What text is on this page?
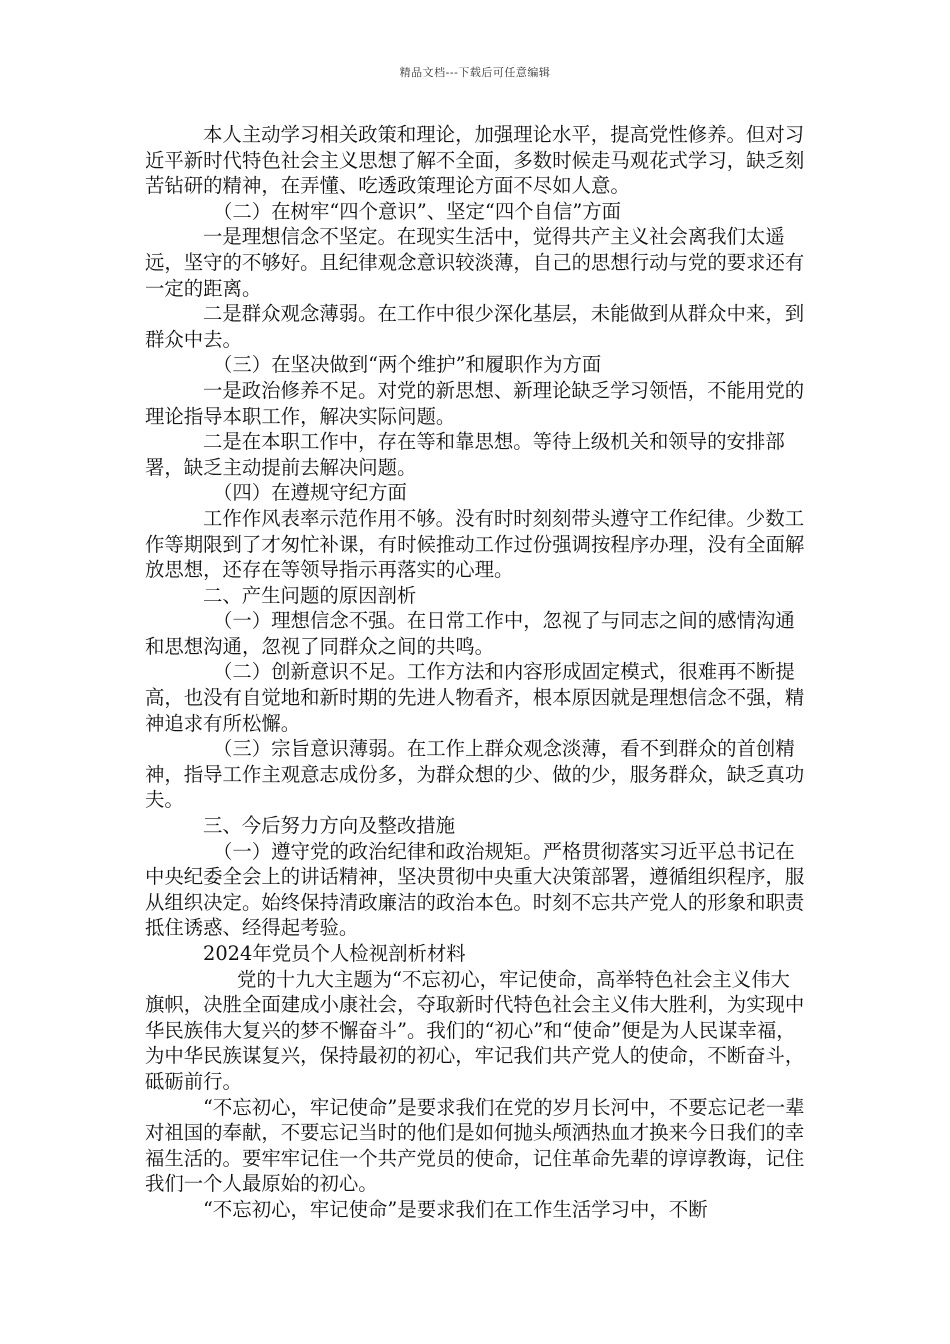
精品文档---下载后可任意编辑

本人主动学习相关政策和理论，加强理论水平，提高党性修养。但对习近平新时代特色社会主义思想了解不全面，多数时候走马观花式学习，缺乏刻苦钻研的精神，在弄懂、吃透政策理论方面不尽如人意。

（二）在树牢“四个意识”、坚定“四个自信”方面

一是理想信念不坚定。在现实生活中，觉得共产主义社会离我们太遥远，坚守的不够好。且纪律观念意识较淡薄，自己的思想行动与党的要求还有一定的距离。

二是群众观念薄弱。在工作中很少深化基层，未能做到从群众中来，到群众中去。

（三）在坚决做到“两个维护”和履职作为方面

一是政治修养不足。对党的新思想、新理论缺乏学习领悟，不能用党的理论指导本职工作，解决实际问题。

二是在本职工作中，存在等和靠思想。等待上级机关和领导的安排部署，缺乏主动提前去解决问题。

（四）在遵规守纪方面

工作作风表率示范作用不够。没有时时刻刻带头遵守工作纪律。少数工作等期限到了才匆忙补课，有时候推动工作过份强调按程序办理，没有全面解放思想，还存在等领导指示再落实的心理。

二、产生问题的原因剖析

（一）理想信念不强。在日常工作中，忽视了与同志之间的感情沟通和思想沟通，忽视了同群众之间的共鸣。

（二）创新意识不足。工作方法和内容形成固定模式，很难再不断提高，也没有自觉地和新时期的先进人物看齐，根本原因就是理想信念不强，精神追求有所松懈。

（三）宗旨意识薄弱。在工作上群众观念淡薄，看不到群众的首创精神，指导工作主观意志成份多，为群众想的少、做的少，服务群众，缺乏真功夫。

三、今后努力方向及整改措施

（一）遵守党的政治纪律和政治规矩。严格贯彻落实习近平总书记在中央纪委全会上的讲话精神，坚决贯彻中央重大决策部署，遵循组织程序，服从组织决定。始终保持清政廉洁的政治本色。时刻不忘共产党人的形象和职责抵住诱惑、经得起考验。

2024年党员个人检视剖析材料

党的十九大主题为“不忘初心，牢记使命，高举特色社会主义伟大旗帜，决胜全面建成小康社会，夺取新时代特色社会主义伟大胜利，为实现中华民族伟大复兴的梦不懈奋斗”。我们的“初心”和“使命”便是为人民谋幸福，为中华民族谋复兴，保持最初的初心，牢记我们共产党人的使命，不断奋斗，砥砺前行。

“不忘初心，牢记使命”是要求我们在党的岁月长河中，不要忘记老一辈对祖国的奉献，不要忘记当时的他们是如何抛头颅洒热血才换来今日我们的幸福生活的。要牢牢记住一个共产党员的使命，记住革命先辈的谆谆教诲，记住我们一个人最原始的初心。

“不忘初心，牢记使命”是要求我们在工作生活学习中，不断
